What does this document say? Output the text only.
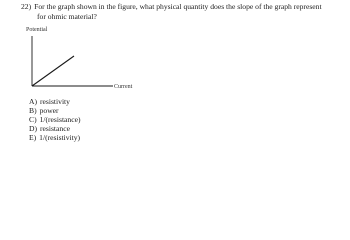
22) For the graph shown in the figure, what physical quantity does the slope of the graph represent
for ohmic material?
Potential
Current
A) resistivity
B) power
C) 1/(resistance)
D) resistance
E) 1/(resistivity)
